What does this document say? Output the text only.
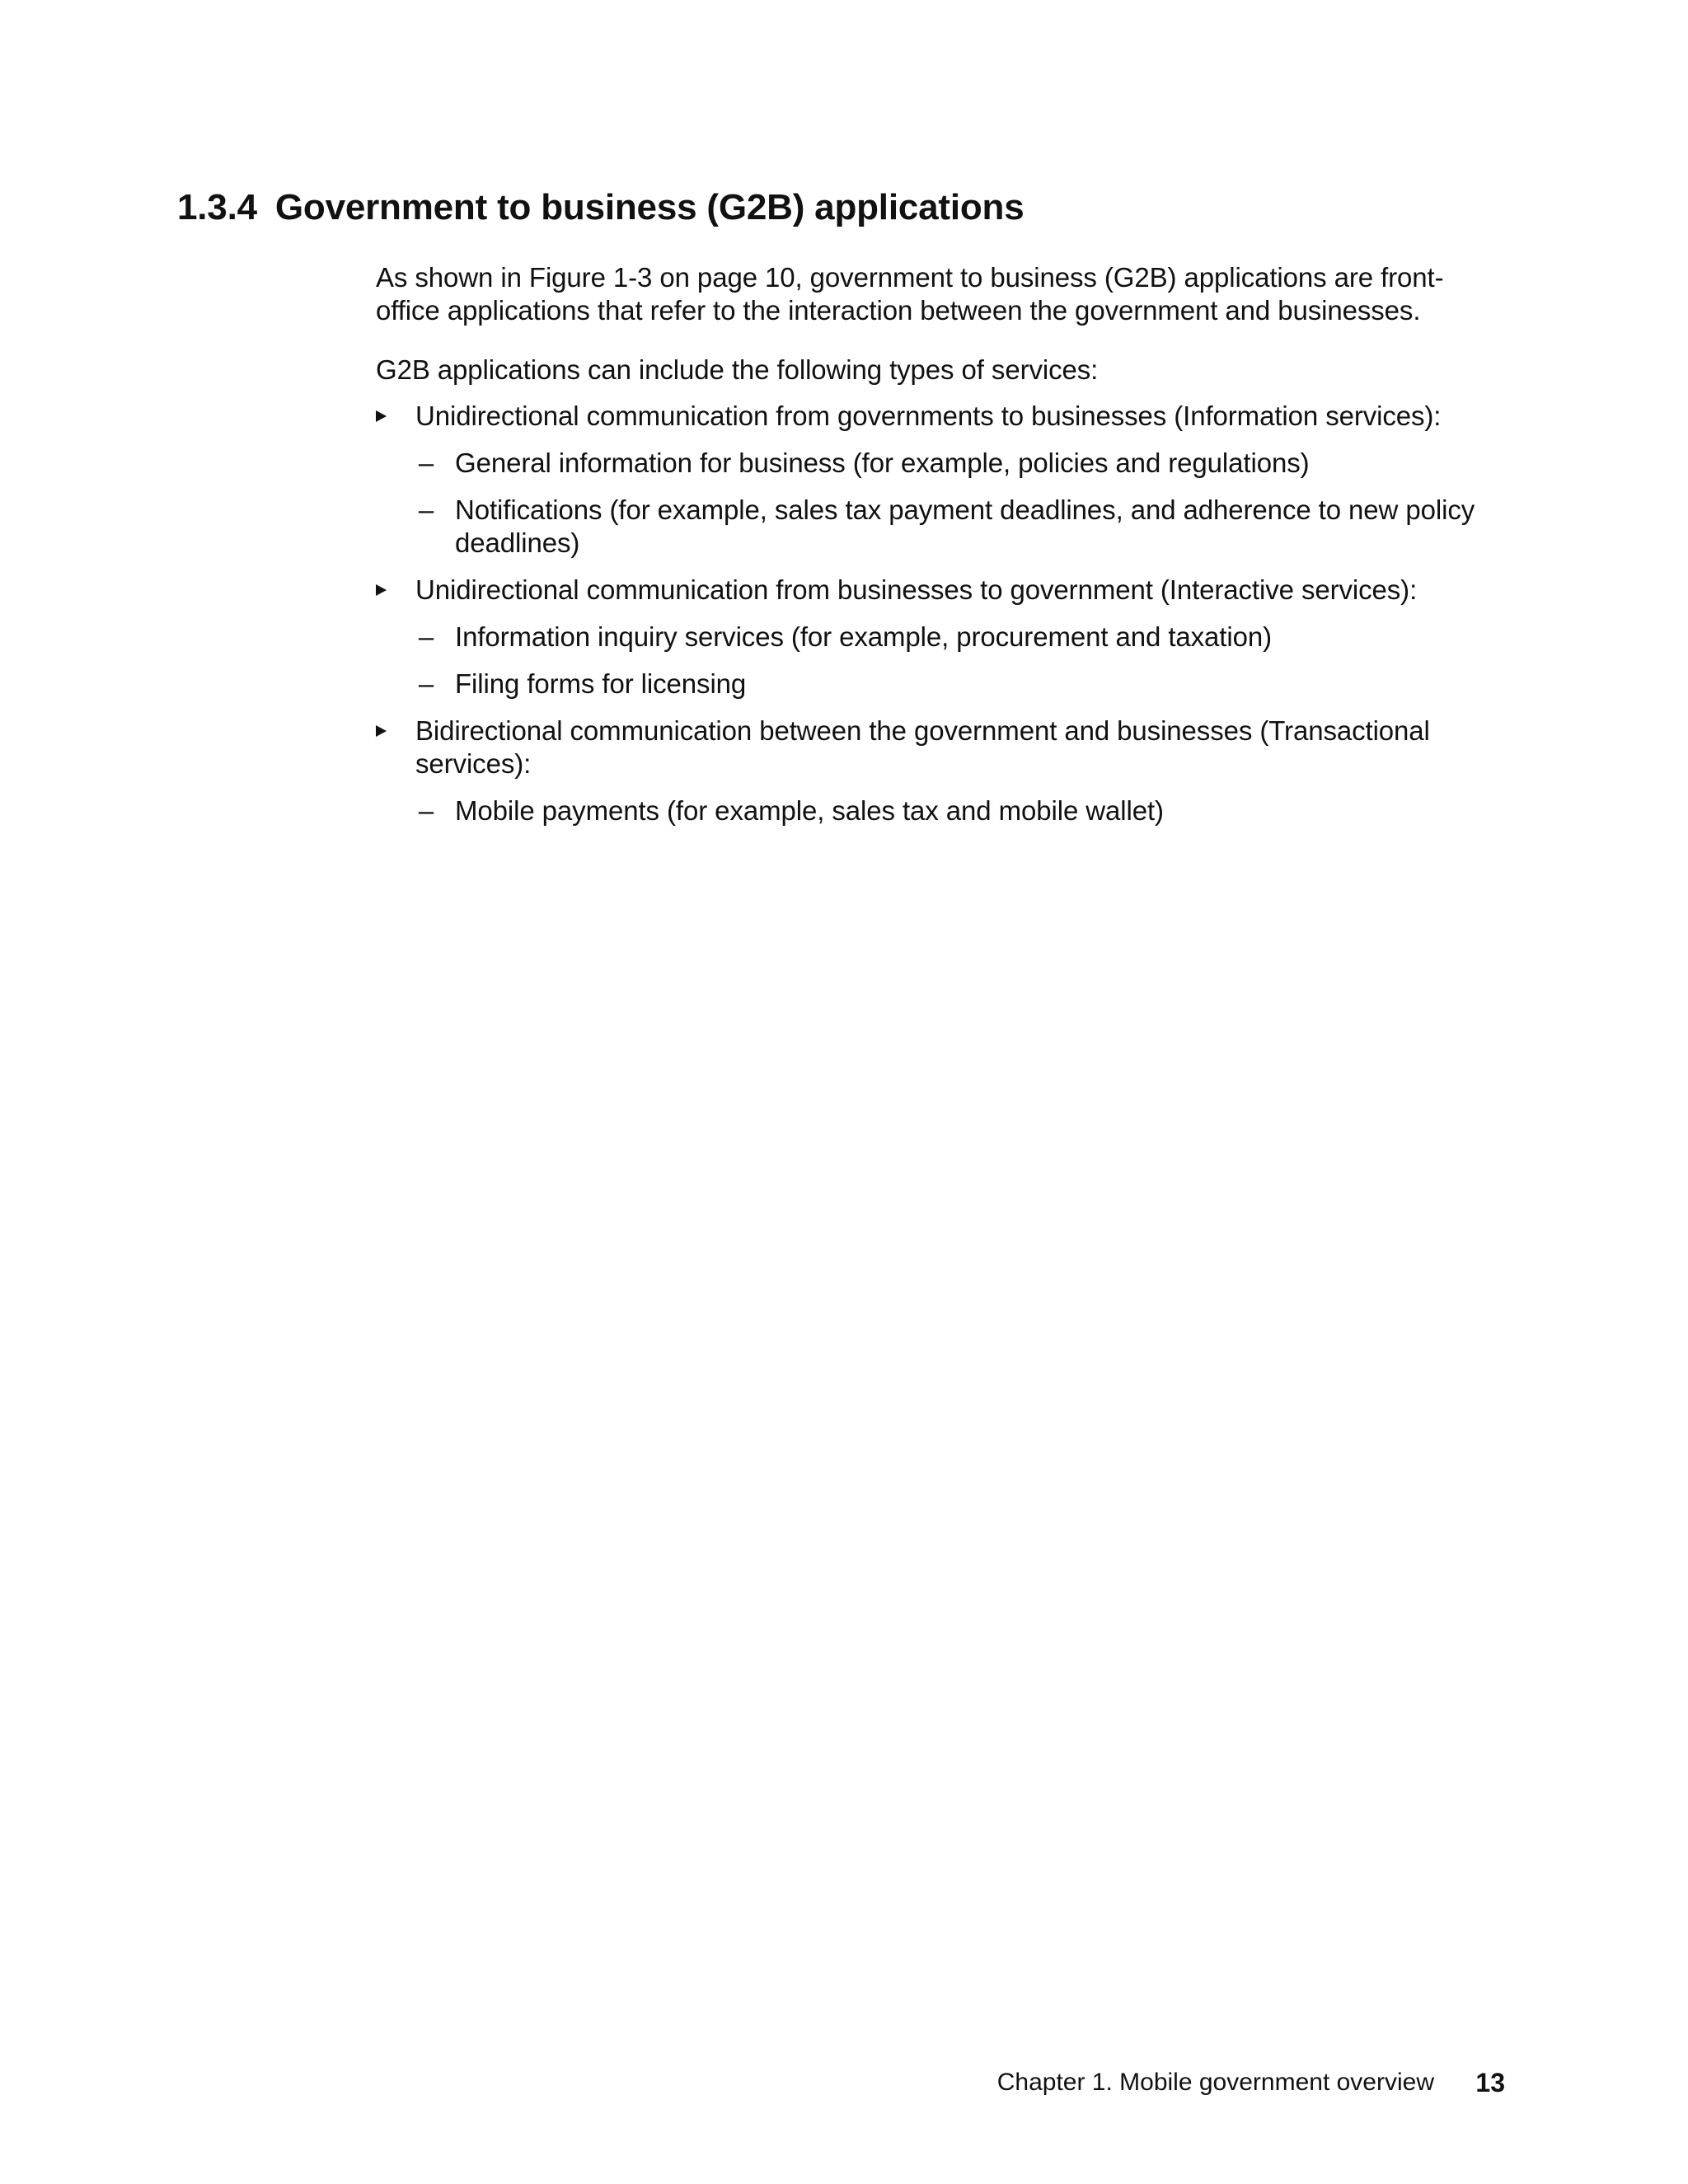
1.3.4 Government to business (G2B) applications

As shown in Figure 1-3 on page 10, government to business (G2B) applications are front-office applications that refer to the interaction between the government and businesses.

G2B applications can include the following types of services:

Unidirectional communication from governments to businesses (Information services):
– General information for business (for example, policies and regulations)
– Notifications (for example, sales tax payment deadlines, and adherence to new policy deadlines)
Unidirectional communication from businesses to government (Interactive services):
– Information inquiry services (for example, procurement and taxation)
– Filing forms for licensing
Bidirectional communication between the government and businesses (Transactional services):
– Mobile payments (for example, sales tax and mobile wallet)
Chapter 1. Mobile government overview 13
